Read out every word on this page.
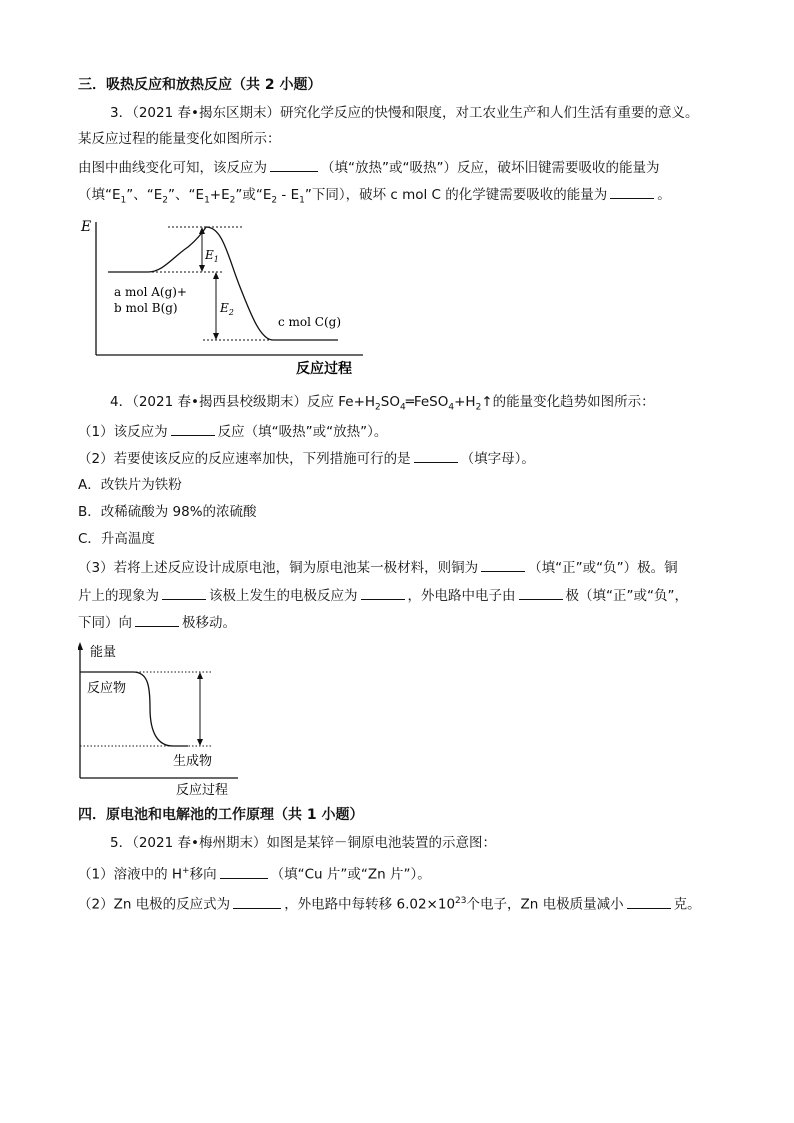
三．吸热反应和放热反应（共 2 小题）
3．（2021 春•揭东区期末）研究化学反应的快慢和限度，对工农业生产和人们生活有重要的意义。
某反应过程的能量变化如图所示：
由图中曲线变化可知，该反应为	（填“放热”或“吸热”）反应，破坏旧键需要吸收的能量为
（填“$E_1$”、“$E_2$”、“$E_1+E_2$”或“$E_2 - E_1$”下同），破坏 c mol C 的化学键需要吸收的能量为	。
E
$E_1$
$E_2$
a mol A(g)+
b mol B(g)
c mol C(g)
反应过程
4．（2021 春•揭西县校级期末）反应 $Fe+H_2SO_4═FeSO_4+H_2↑$的能量变化趋势如图所示：
（1）该反应为	反应（填“吸热”或“放热”）。
（2）若要使该反应的反应速率加快，下列措施可行的是	（填字母）。
A．改铁片为铁粉
B．改稀硫酸为 98%的浓硫酸
C．升高温度
（3）若将上述反应设计成原电池，铜为原电池某一极材料，则铜为	（填“正”或“负”）极。铜
片上的现象为	该极上发生的电极反应为	，外电路中电子由	极（填“正”或“负”，
下同）向	极移动。
能量
反应物
生成物
反应过程
四．原电池和电解池的工作原理（共 1 小题）
5．（2021 春•梅州期末）如图是某锌－铜原电池装置的示意图：
（1）溶液中的 H+移向	（填“Cu 片”或“Zn 片”）。
（2）Zn 电极的反应式为	，外电路中每转移 $6.02\times 10^{23}$个电子，Zn 电极质量减小	克。
